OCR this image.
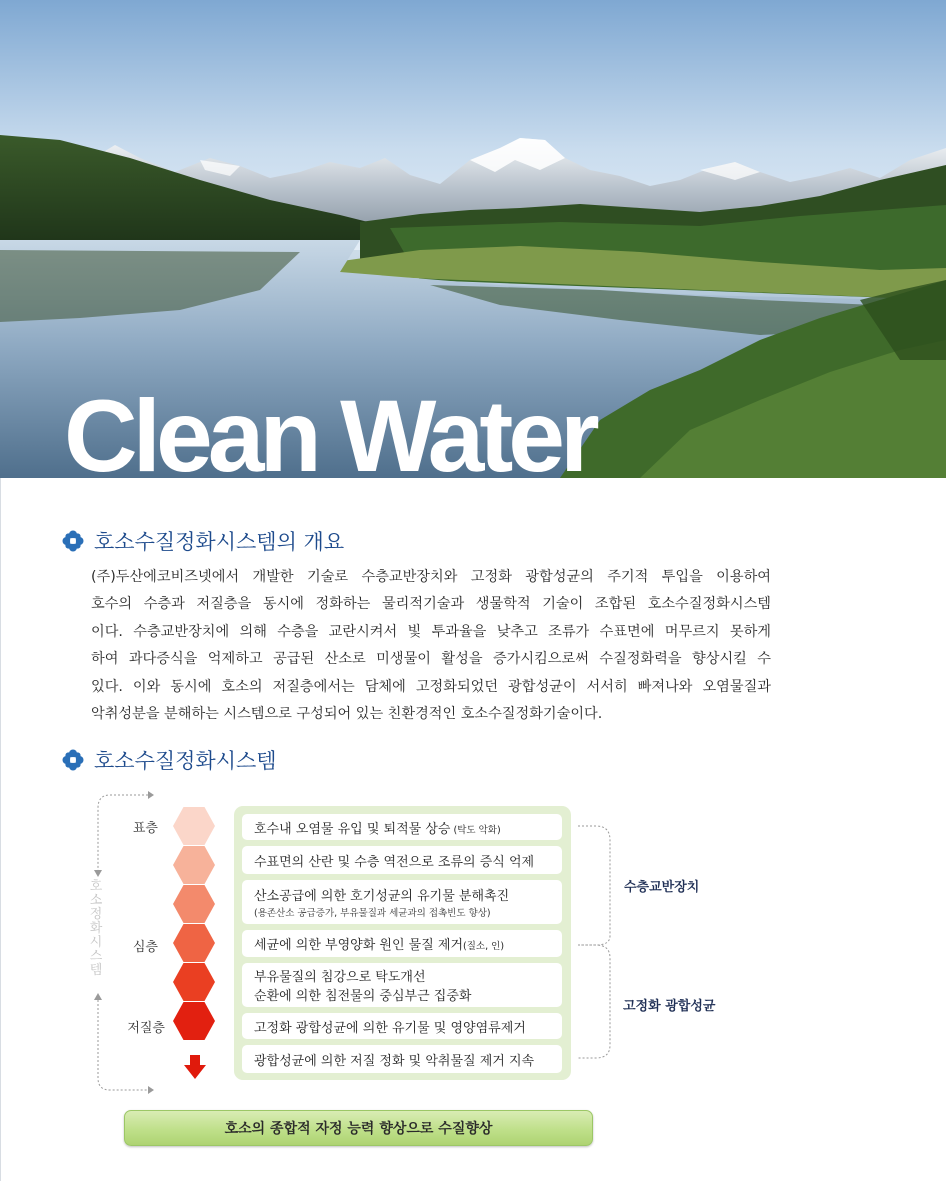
Clean Water
호소수질정화시스템의 개요
(주)두산에코비즈넷에서 개발한 기술로 수층교반장치와 고정화 광합성균의 주기적 투입을 이용하여
호수의 수층과 저질층을 동시에 정화하는 물리적기술과 생물학적 기술이 조합된 호소수질정화시스템
이다. 수층교반장치에 의해 수층을 교란시켜서 빛 투과율을 낮추고 조류가 수표면에 머무르지 못하게
하여 과다증식을 억제하고 공급된 산소로 미생물이 활성을 증가시킴으로써 수질정화력을 향상시킬 수
있다. 이와 동시에 호소의 저질층에서는 담체에 고정화되었던 광합성균이 서서히 빠져나와 오염물질과
악취성분을 분해하는 시스템으로 구성되어 있는 친환경적인 호소수질정화기술이다.
호소수질정화시스템
호소정화시스템
표층
심층
저질층
호수내 오염물 유입 및 퇴적물 상승 (탁도 악화)
수표면의 산란 및 수층 역전으로 조류의 증식 억제
산소공급에 의한 호기성균의 유기물 분해촉진
(용존산소 공급증가, 부유물질과 세균과의 접촉빈도 향상)
세균에 의한 부영양화 원인 물질 제거(질소, 인)
부유물질의 침강으로 탁도개선
순환에 의한 침전물의 중심부근 집중화
고정화 광합성균에 의한 유기물 및 영양염류제거
광합성균에 의한 저질 정화 및 악취물질 제거 지속
수층교반장치
고정화 광합성균
호소의 종합적 자정 능력 향상으로 수질향상
